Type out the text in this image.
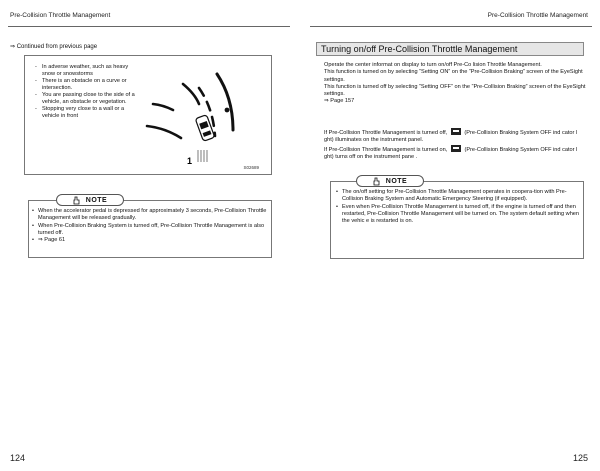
Pre-Collision Throttle Management	Pre-Collision Throttle Management
⇒ Continued from previous page
- In adverse weather, such as heavy snow or snowstorms
- There is an obstacle on a curve or intersection.
- You are passing close to the side of a vehicle, an obstacle or vegetation.
- Stopping very close to a wall or a vehicle in front
1
S02689
NOTE
• When the accelerator pedal is depressed for approximately 3 seconds, Pre-Collision Throttle Management will be released gradually.
• When Pre-Collision Braking System is turned off, Pre-Collision Throttle Management is also turned off.
• ⇒ Page 61
124
Turning on/off Pre-Collision Throttle Management

Operate the center informat on display to turn on/off Pre-Co lision Throttle Management.

This function is turned on by selecting “Setting ON” on the “Pre-Collision Braking” screen of the EyeSight settings.

This function is turned off by selecting “Setting OFF” on the “Pre-Collision Braking” screen of the EyeSight settings.

⇒ Page 157

If Pre-Collision Throttle Management is turned off,	(Pre-Collision Braking System OFF ind cator l ght) illuminates on the instrument panel.

If Pre-Collision Throttle Management is turned on,	(Pre-Collision Braking System OFF ind cator l ght) turns off on the instrument pane .

NOTE
• The on/off setting for Pre-Collision Throttle Management operates in coopera-tion with Pre-Collision Braking System and Automatic Emergency Steering (if equipped).
• Even when Pre-Collision Throttle Management is turned off, if the engine is turned off and then restarted, Pre-Collision Throttle Management will be turned on. The system default setting when the vehic e is restarted is on.
125
